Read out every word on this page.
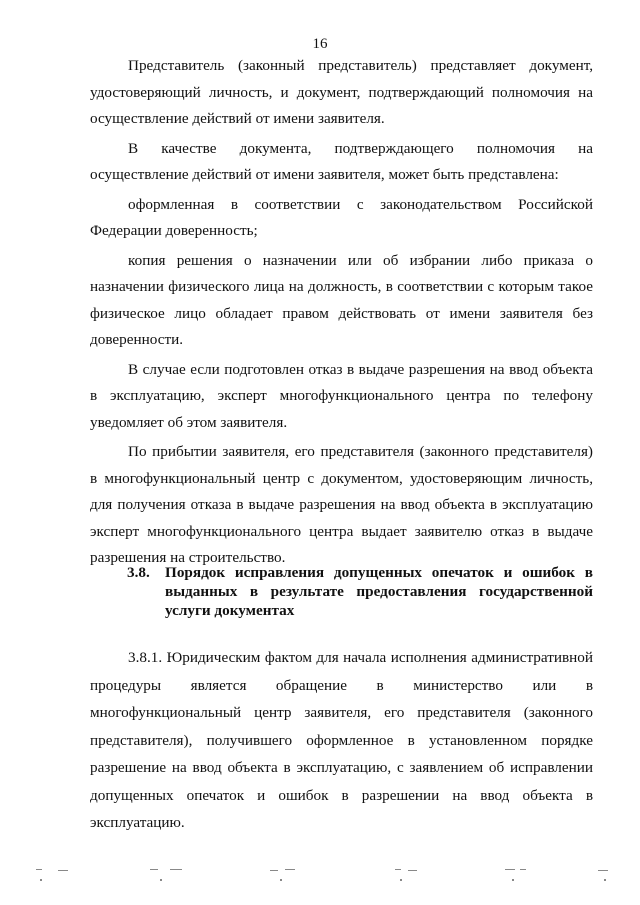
16

Представитель (законный представитель) представляет документ, удостоверяющий личность, и документ, подтверждающий полномочия на осуществление действий от имени заявителя.

В качестве документа, подтверждающего полномочия на осуществление действий от имени заявителя, может быть представлена:

оформленная в соответствии с законодательством Российской Федерации доверенность;

копия решения о назначении или об избрании либо приказа о назначении физического лица на должность, в соответствии с которым такое физическое лицо обладает правом действовать от имени заявителя без доверенности.

В случае если подготовлен отказ в выдаче разрешения на ввод объекта в эксплуатацию, эксперт многофункционального центра по телефону уведомляет об этом заявителя.

По прибытии заявителя, его представителя (законного представителя) в многофункциональный центр с документом, удостоверяющим личность, для получения отказа в выдаче разрешения на ввод объекта в эксплуатацию эксперт многофункционального центра выдает заявителю отказ в выдаче разрешения на строительство.

3.8. Порядок исправления допущенных опечаток и ошибок в выданных в результате предоставления государственной услуги документах

3.8.1. Юридическим фактом для начала исполнения административной процедуры является обращение в министерство или в многофункциональный центр заявителя, его представителя (законного представителя), получившего оформленное в установленном порядке разрешение на ввод объекта в эксплуатацию, с заявлением об исправлении допущенных опечаток и ошибок в разрешении на ввод объекта в эксплуатацию.
